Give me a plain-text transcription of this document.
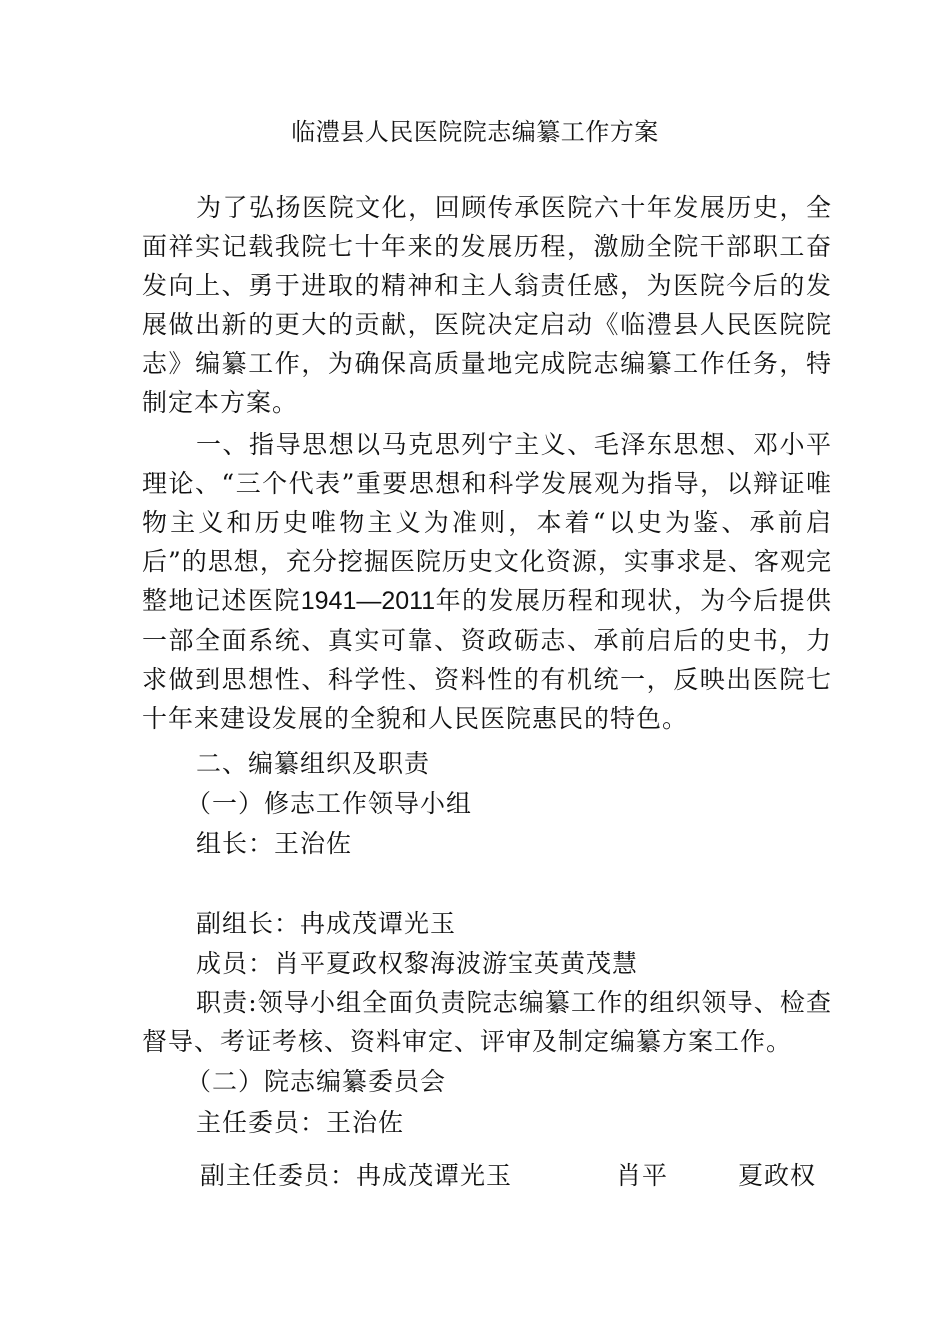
临澧县人民医院院志编纂工作方案
为了弘扬医院文化，回顾传承医院六十年发展历史，全面祥实记载我院七十年来的发展历程，激励全院干部职工奋发向上、勇于进取的精神和主人翁责任感，为医院今后的发展做出新的更大的贡献，医院决定启动《临澧县人民医院院志》编纂工作，为确保高质量地完成院志编纂工作任务，特制定本方案。
一、指导思想以马克思列宁主义、毛泽东思想、邓小平理论、“三个代表”重要思想和科学发展观为指导，以辩证唯物主义和历史唯物主义为准则，本着“以史为鉴、承前启后”的思想，充分挖掘医院历史文化资源，实事求是、客观完整地记述医院1941—2011年的发展历程和现状，为今后提供一部全面系统、真实可靠、资政砺志、承前启后的史书，力求做到思想性、科学性、资料性的有机统一，反映出医院七十年来建设发展的全貌和人民医院惠民的特色。
二、编纂组织及职责
（一）修志工作领导小组
组长：王治佐
副组长：冉成茂谭光玉
成员：肖平夏政权黎海波游宝英黄茂慧
职责:领导小组全面负责院志编纂工作的组织领导、检查督导、考证考核、资料审定、评审及制定编纂方案工作。
（二）院志编纂委员会
主任委员：王治佐
副主任委员：冉成茂谭光玉	肖平	夏政权
